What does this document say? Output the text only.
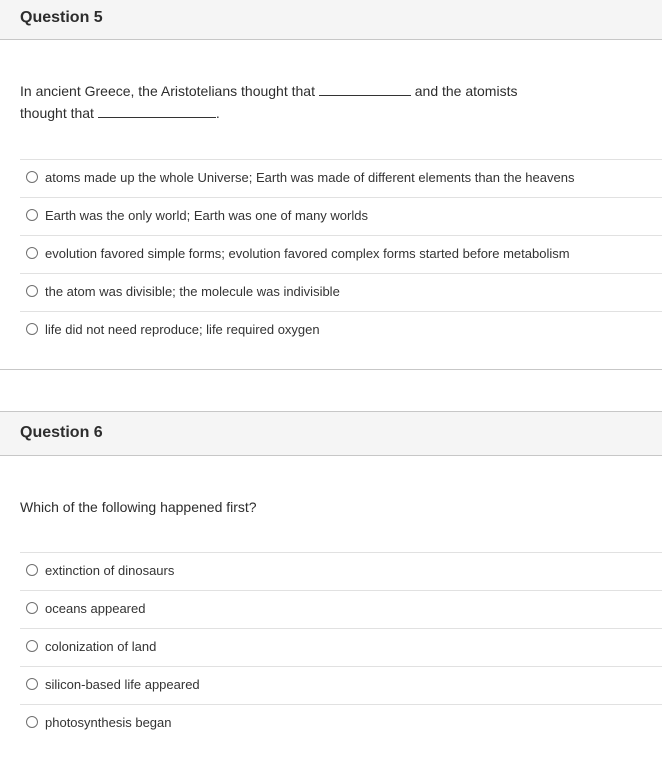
Question 5
In ancient Greece, the Aristotelians thought that	and the atomists
thought that	.
atoms made up the whole Universe; Earth was made of different elements than the heavens
Earth was the only world; Earth was one of many worlds
evolution favored simple forms; evolution favored complex forms started before metabolism
the atom was divisible; the molecule was indivisible
life did not need reproduce; life required oxygen
Question 6
Which of the following happened first?
extinction of dinosaurs
oceans appeared
colonization of land
silicon-based life appeared
photosynthesis began
